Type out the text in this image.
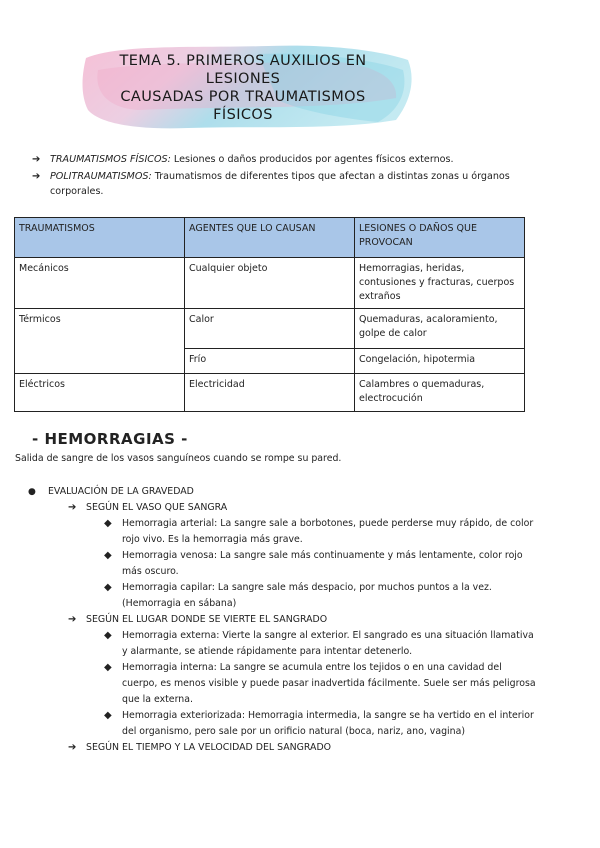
TEMA 5. PRIMEROS AUXILIOS EN
LESIONES
CAUSADAS POR TRAUMATISMOS
FÍSICOS
➔	TRAUMATISMOS FÍSICOS: Lesiones o daños producidos por agentes físicos externos.
➔	POLITRAUMATISMOS: Traumatismos de diferentes tipos que afectan a distintas zonas u órganos corporales.
TRAUMATISMOS	AGENTES QUE LO CAUSAN	LESIONES O DAÑOS QUE PROVOCAN
Mecánicos	Cualquier objeto	Hemorragias, heridas, contusiones y fracturas, cuerpos extraños
Térmicos	Calor	Quemaduras, acaloramiento, golpe de calor
	Frío	Congelación, hipotermia
Eléctricos	Electricidad	Calambres o quemaduras, electrocución
- HEMORRAGIAS -
Salida de sangre de los vasos sanguíneos cuando se rompe su pared.
●	EVALUACIÓN DE LA GRAVEDAD
➔	SEGÚN EL VASO QUE SANGRA
◆	Hemorragia arterial: La sangre sale a borbotones, puede perderse muy rápido, de color rojo vivo. Es la hemorragia más grave.
◆	Hemorragia venosa: La sangre sale más continuamente y más lentamente, color rojo más oscuro.
◆	Hemorragia capilar: La sangre sale más despacio, por muchos puntos a la vez. (Hemorragia en sábana)
➔	SEGÚN EL LUGAR DONDE SE VIERTE EL SANGRADO
◆	Hemorragia externa: Vierte la sangre al exterior. El sangrado es una situación llamativa y alarmante, se atiende rápidamente para intentar detenerlo.
◆	Hemorragia interna: La sangre se acumula entre los tejidos o en una cavidad del cuerpo, es menos visible y puede pasar inadvertida fácilmente. Suele ser más peligrosa que la externa.
◆	Hemorragia exteriorizada: Hemorragia intermedia, la sangre se ha vertido en el interior del organismo, pero sale por un orificio natural (boca, nariz, ano, vagina)
➔	SEGÚN EL TIEMPO Y LA VELOCIDAD DEL SANGRADO
